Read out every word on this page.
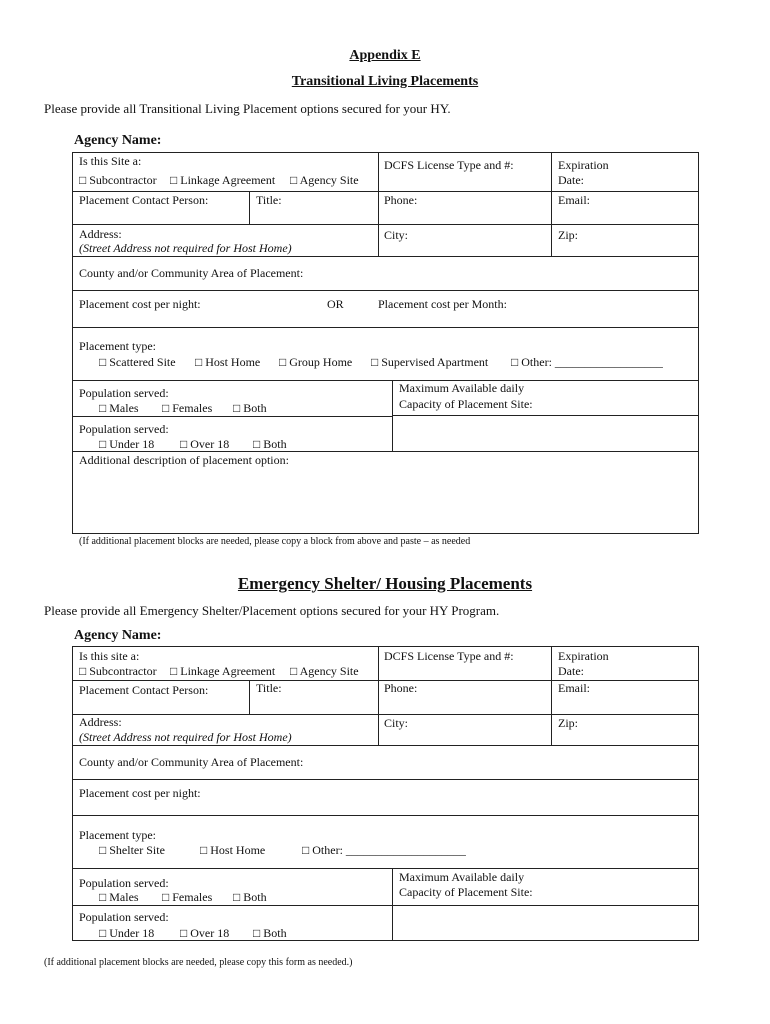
Appendix E
Transitional Living Placements
Please provide all Transitional Living Placement options secured for your HY.
Agency Name:
Is this Site a:
□ Subcontractor □ Linkage Agreement □ Agency Site
DCFS License Type and #:	Expiration
Date:
Placement Contact Person:	Title:	Phone:	Email:
Address:
(Street Address not required for Host Home)
City:	Zip:
County and/or Community Area of Placement:
Placement cost per night:	OR	Placement cost per Month:
Placement type:
□ Scattered Site □ Host Home □ Group Home □ Supervised Apartment □ Other: __________________
Population served:
□ Males □ Females □ Both
Maximum Available daily
Capacity of Placement Site:
Population served:
□ Under 18 □ Over 18 □ Both
Additional description of placement option:
(If additional placement blocks are needed, please copy a block from above and paste – as needed
Emergency Shelter/ Housing Placements
Please provide all Emergency Shelter/Placement options secured for your HY Program.
Agency Name:
Is this site a:
□ Subcontractor □ Linkage Agreement □ Agency Site
DCFS License Type and #:	Expiration
Date:
Placement Contact Person:	Title:	Phone:	Email:
Address:
(Street Address not required for Host Home)
City:	Zip:
County and/or Community Area of Placement:
Placement cost per night:
Placement type:
□ Shelter Site	□ Host Home	□ Other: ____________________
Population served:
□ Males □ Females □ Both
Maximum Available daily
Capacity of Placement Site:
Population served:
□ Under 18 □ Over 18 □ Both
(If additional placement blocks are needed, please copy this form as needed.)
